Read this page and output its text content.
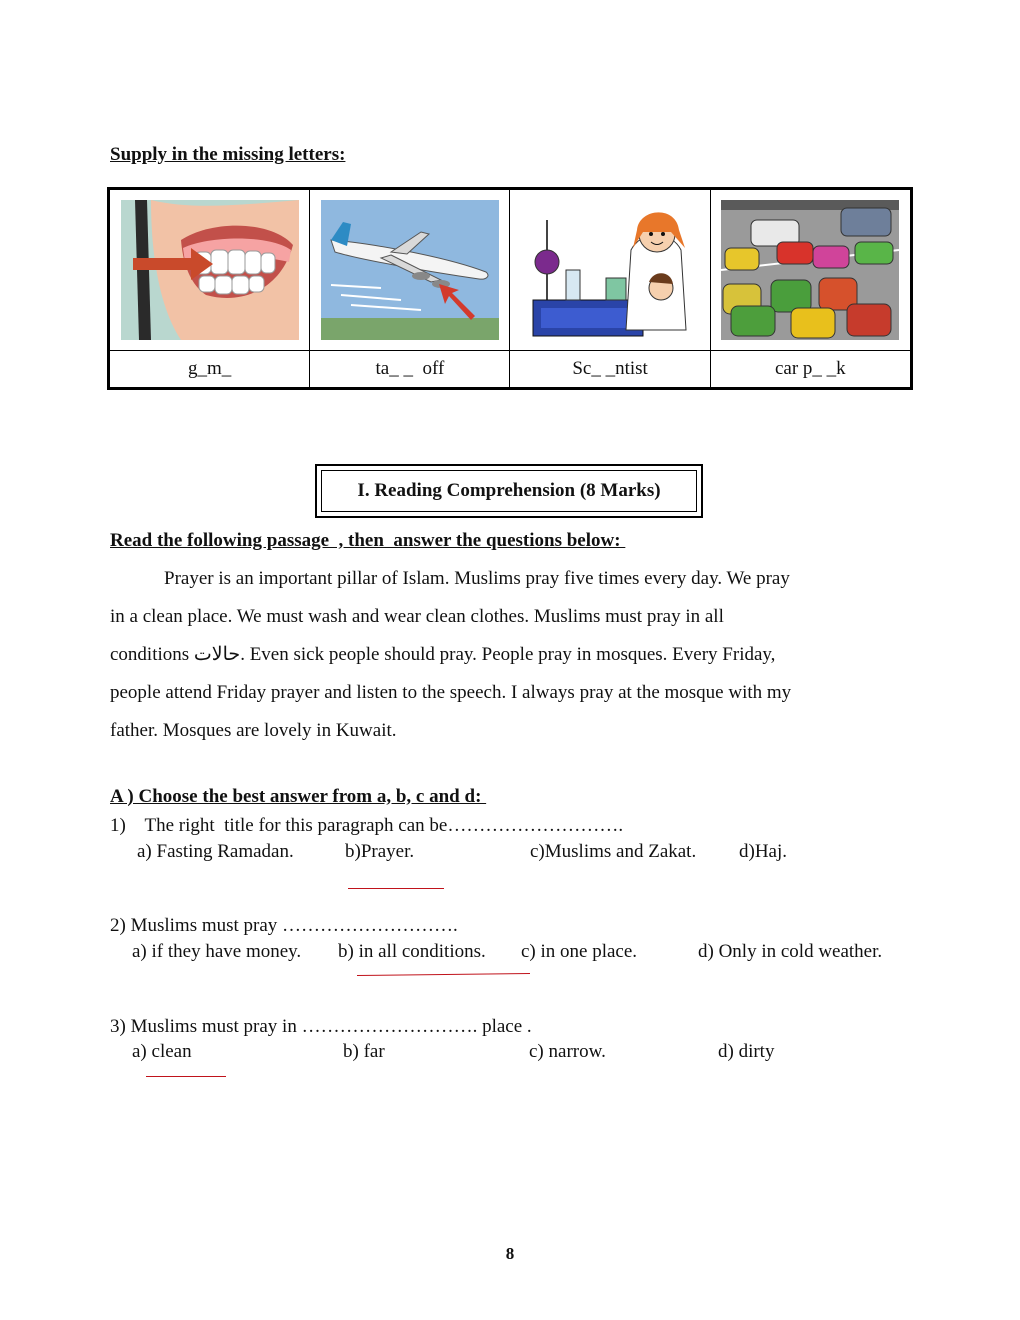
Supply in the missing letters:

g_m_	ta_ _  off	Sc_ _ntist	car p_ _k
I. Reading Comprehension (8 Marks)
Read the following passage  , then  answer the questions below:
Prayer is an important pillar of Islam. Muslims pray five times every day. We pray
in a clean place. We must wash and wear clean clothes. Muslims must pray in all
conditions حالات. Even sick people should pray. People pray in mosques. Every Friday,
people attend Friday prayer and listen to the speech. I always pray at the mosque with my
father. Mosques are lovely in Kuwait.
A ) Choose the best answer from a, b, c and d:
1)    The right  title for this paragraph can be……………………….
a) Fasting Ramadan.	b)Prayer.	c)Muslims and Zakat. d)Haj.
2) Muslims must pray ……………………….
a) if they have money. b) in all conditions. c) in one place.	d) Only in cold weather.
3) Muslims must pray in ………………………. place .
a) clean	b) far	c) narrow.	d) dirty
8
